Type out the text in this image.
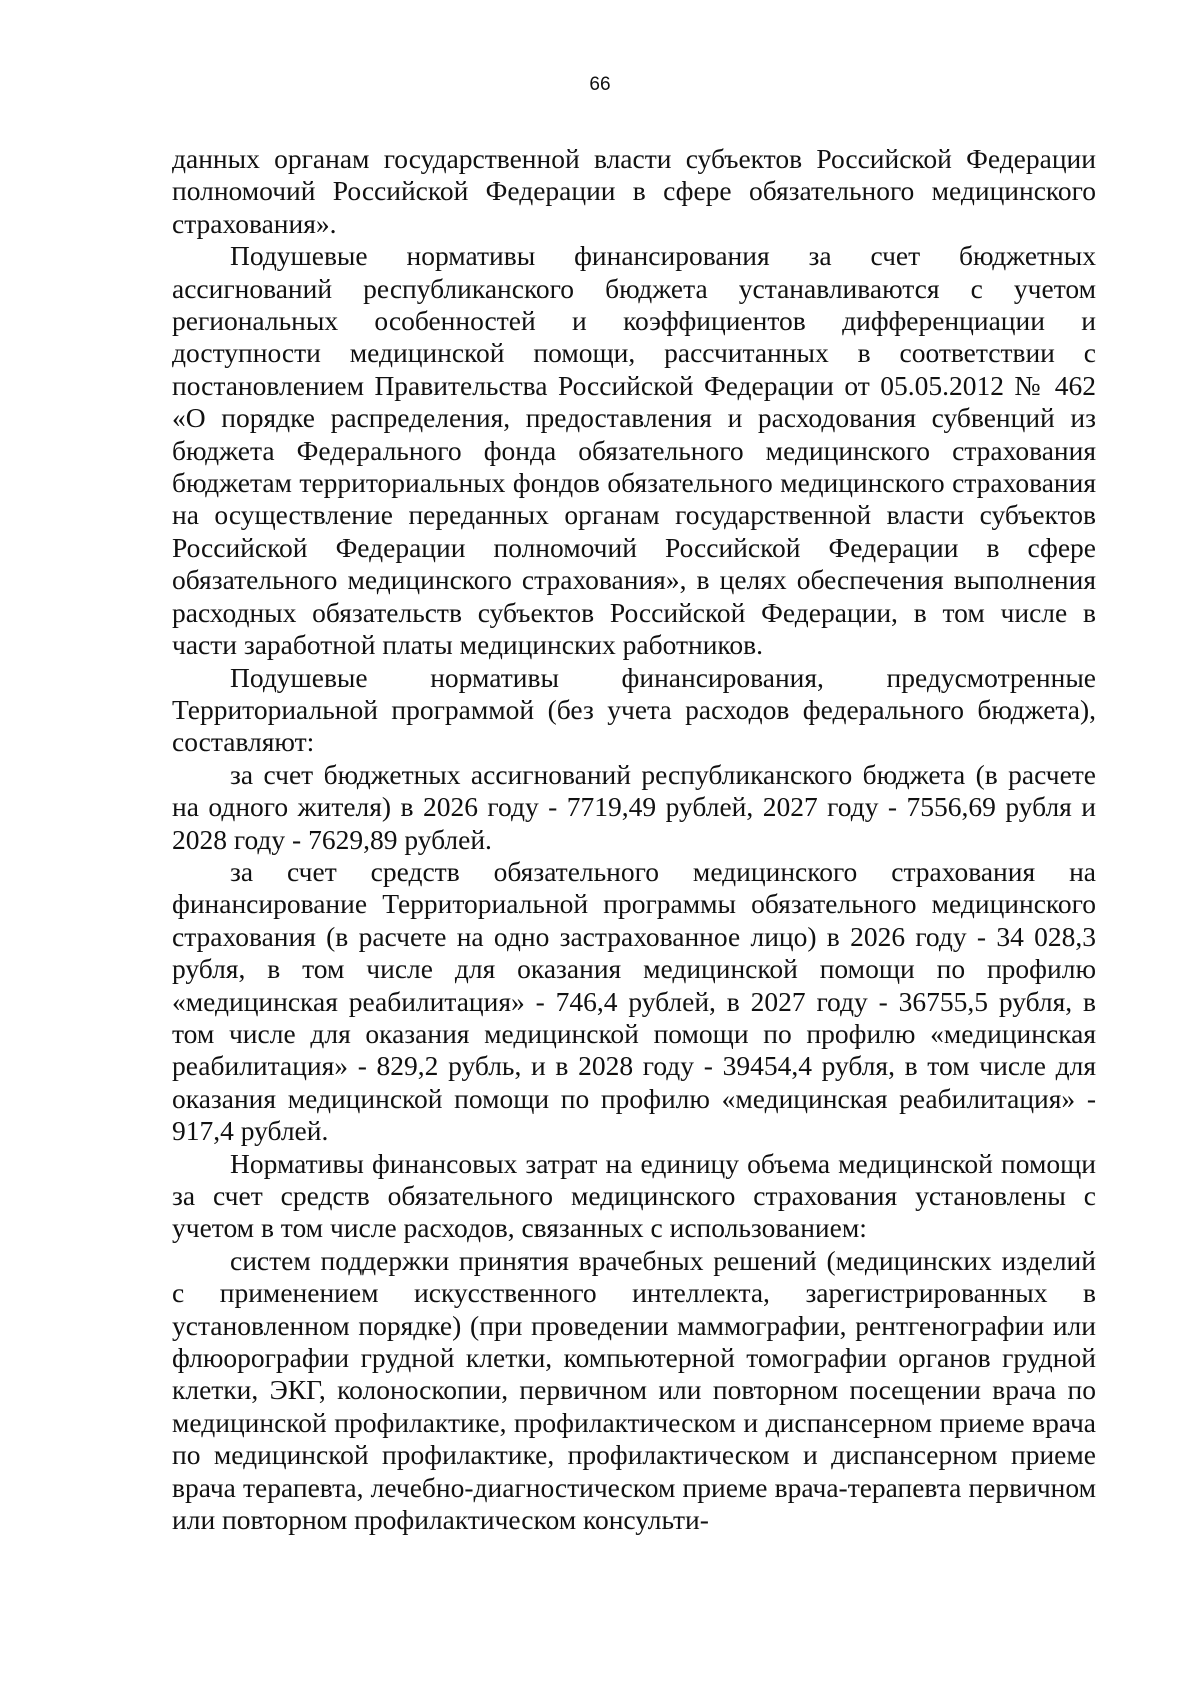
66

данных органам государственной власти субъектов Российской Федерации полномочий Российской Федерации в сфере обязательного медицинского страхования».

Подушевые нормативы финансирования за счет бюджетных ассигнований республиканского бюджета устанавливаются с учетом региональных особенностей и коэффициентов дифференциации и доступности медицинской помощи, рассчитанных в соответствии с постановлением Правительства Российской Федерации от 05.05.2012 № 462 «О порядке распределения, предоставления и расходования субвенций из бюджета Федерального фонда обязательного медицинского страхования бюджетам территориальных фондов обязательного медицинского страхования на осуществление переданных органам государственной власти субъектов Российской Федерации полномочий Российской Федерации в сфере обязательного медицинского страхования», в целях обеспечения выполнения расходных обязательств субъектов Российской Федерации, в том числе в части заработной платы медицинских работников.

Подушевые нормативы финансирования, предусмотренные Территориальной программой (без учета расходов федерального бюджета), составляют:

за счет бюджетных ассигнований республиканского бюджета (в расчете на одного жителя) в 2026 году - 7719,49 рублей, 2027 году - 7556,69 рубля и 2028 году - 7629,89 рублей.

за счет средств обязательного медицинского страхования на финансирование Территориальной программы обязательного медицинского страхования (в расчете на одно застрахованное лицо) в 2026 году - 34 028,3 рубля, в том числе для оказания медицинской помощи по профилю «медицинская реабилитация» - 746,4 рублей, в 2027 году - 36755,5 рубля, в том числе для оказания медицинской помощи по профилю «медицинская реабилитация» - 829,2 рубль, и в 2028 году - 39454,4 рубля, в том числе для оказания медицинской помощи по профилю «медицинская реабилитация» - 917,4 рублей.

Нормативы финансовых затрат на единицу объема медицинской помощи за счет средств обязательного медицинского страхования установлены с учетом в том числе расходов, связанных с использованием:

систем поддержки принятия врачебных решений (медицинских изделий с применением искусственного интеллекта, зарегистрированных в установленном порядке) (при проведении маммографии, рентгенографии или флюорографии грудной клетки, компьютерной томографии органов грудной клетки, ЭКГ, колоноскопии, первичном или повторном посещении врача по медицинской профилактике, профилактическом и диспансерном приеме врача по медицинской профилактике, профилактическом и диспансерном приеме врача терапевта, лечебно-диагностическом приеме врача-терапевта первичном или повторном профилактическом консульти-
